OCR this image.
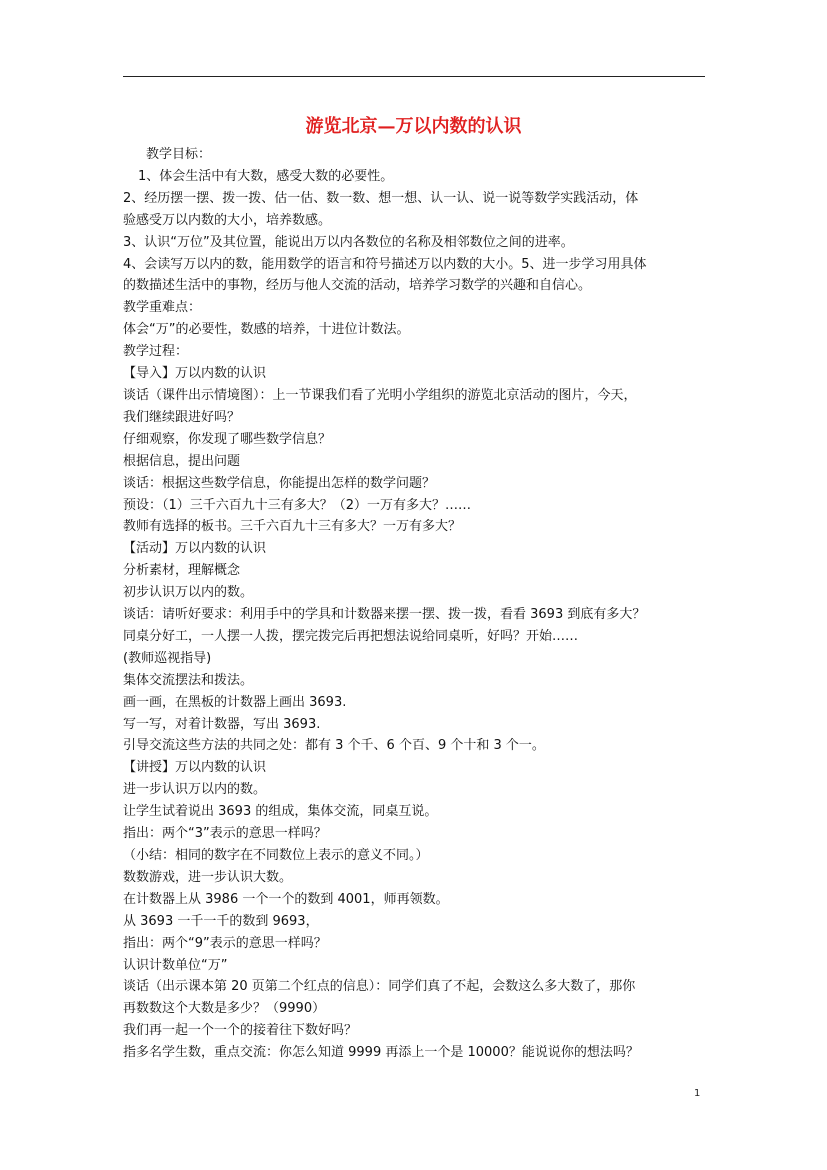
游览北京—万以内数的认识
教学目标：
1、体会生活中有大数，感受大数的必要性。
2、经历摆一摆、拨一拨、估一估、数一数、想一想、认一认、说一说等数学实践活动，体
验感受万以内数的大小，培养数感。
3、认识“万位”及其位置，能说出万以内各数位的名称及相邻数位之间的进率。
4、会读写万以内的数，能用数学的语言和符号描述万以内数的大小。5、进一步学习用具体
的数描述生活中的事物，经历与他人交流的活动，培养学习数学的兴趣和自信心。
教学重难点：
体会“万”的必要性，数感的培养，十进位计数法。
教学过程：
【导入】万以内数的认识
谈话（课件出示情境图）：上一节课我们看了光明小学组织的游览北京活动的图片，今天，
我们继续跟进好吗？
仔细观察，你发现了哪些数学信息？
根据信息，提出问题
谈话：根据这些数学信息，你能提出怎样的数学问题？
预设：（1）三千六百九十三有多大？（2）一万有多大？……
教师有选择的板书。三千六百九十三有多大？一万有多大？
【活动】万以内数的认识
分析素材，理解概念
初步认识万以内的数。
谈话：请听好要求：利用手中的学具和计数器来摆一摆、拨一拨，看看 3693 到底有多大？
同桌分好工，一人摆一人拨，摆完拨完后再把想法说给同桌听，好吗？开始……
(教师巡视指导)
集体交流摆法和拨法。
画一画，在黑板的计数器上画出 3693.
写一写，对着计数器，写出 3693.
引导交流这些方法的共同之处：都有 3 个千、6 个百、9 个十和 3 个一。
【讲授】万以内数的认识
进一步认识万以内的数。
让学生试着说出 3693 的组成，集体交流，同桌互说。
指出：两个“3”表示的意思一样吗？
（小结：相同的数字在不同数位上表示的意义不同。）
数数游戏，进一步认识大数。
在计数器上从 3986 一个一个的数到 4001，师再领数。
从 3693 一千一千的数到 9693，
指出：两个“9”表示的意思一样吗？
认识计数单位“万”
谈话（出示课本第 20 页第二个红点的信息）：同学们真了不起，会数这么多大数了，那你
再数数这个大数是多少？（9990）
我们再一起一个一个的接着往下数好吗？
指多名学生数，重点交流：你怎么知道 9999 再添上一个是 10000？能说说你的想法吗？
1
